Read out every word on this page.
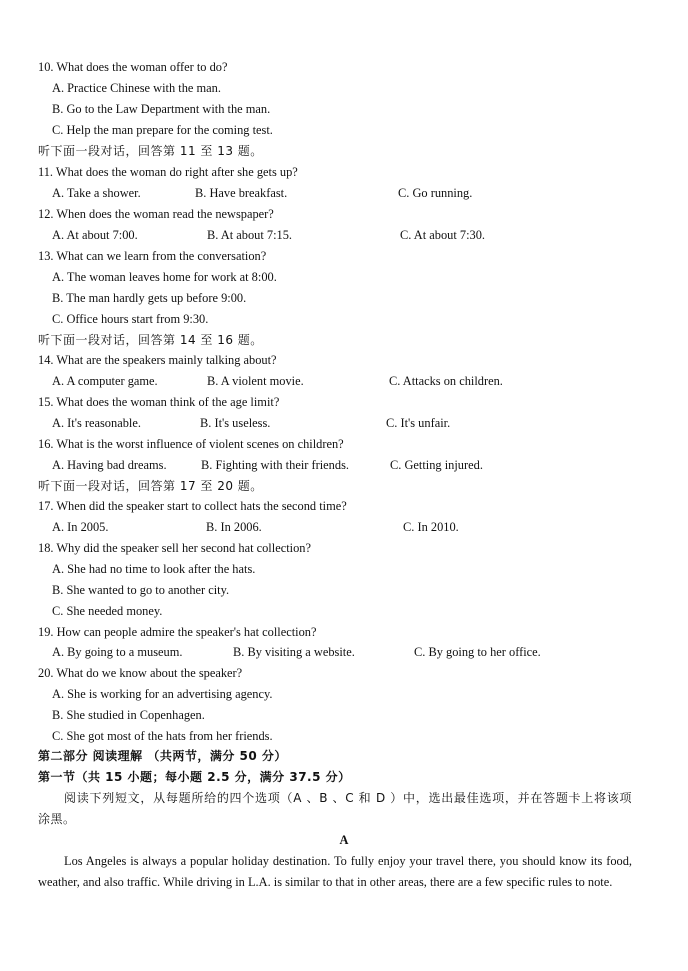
10. What does the woman offer to do?
A. Practice Chinese with the man.
B. Go to the Law Department with the man.
C. Help the man prepare for the coming test.
听下面一段对话，回答第 11 至 13 题。
11. What does the woman do right after she gets up?
A. Take a shower.	B. Have breakfast.	C. Go running.
12. When does the woman read the newspaper?
A. At about 7:00.	B. At about 7:15.	C. At about 7:30.
13. What can we learn from the conversation?
A. The woman leaves home for work at 8:00.
B. The man hardly gets up before 9:00.
C. Office hours start from 9:30.
听下面一段对话，回答第 14 至 16 题。
14. What are the speakers mainly talking about?
A. A computer game.	B. A violent movie.	C. Attacks on children.
15. What does the woman think of the age limit?
A. It's reasonable.	B. It's useless.	C. It's unfair.
16. What is the worst influence of violent scenes on children?
A. Having bad dreams.	B. Fighting with their friends.	C. Getting injured.
听下面一段对话，回答第 17 至 20 题。
17. When did the speaker start to collect hats the second time?
A. In 2005.	B. In 2006.	C. In 2010.
18. Why did the speaker sell her second hat collection?
A. She had no time to look after the hats.
B. She wanted to go to another city.
C. She needed money.
19. How can people admire the speaker's hat collection?
A. By going to a museum.	B. By visiting a website.	C. By going to her office.
20. What do we know about the speaker?
A. She is working for an advertising agency.
B. She studied in Copenhagen.
C. She got most of the hats from her friends.
第二部分 阅读理解 （共两节，满分 50 分）
第一节（共 15 小题；每小题 2.5 分，满分 37.5 分）
阅读下列短文，从每题所给的四个选项（A 、B 、C 和 D ）中，选出最佳选项，并在答题卡上将该项涂黑。
A
Los Angeles is always a popular holiday destination. To fully enjoy your travel there, you should know its food, weather, and also traffic. While driving in L.A. is similar to that in other areas, there are a few specific rules to note.
